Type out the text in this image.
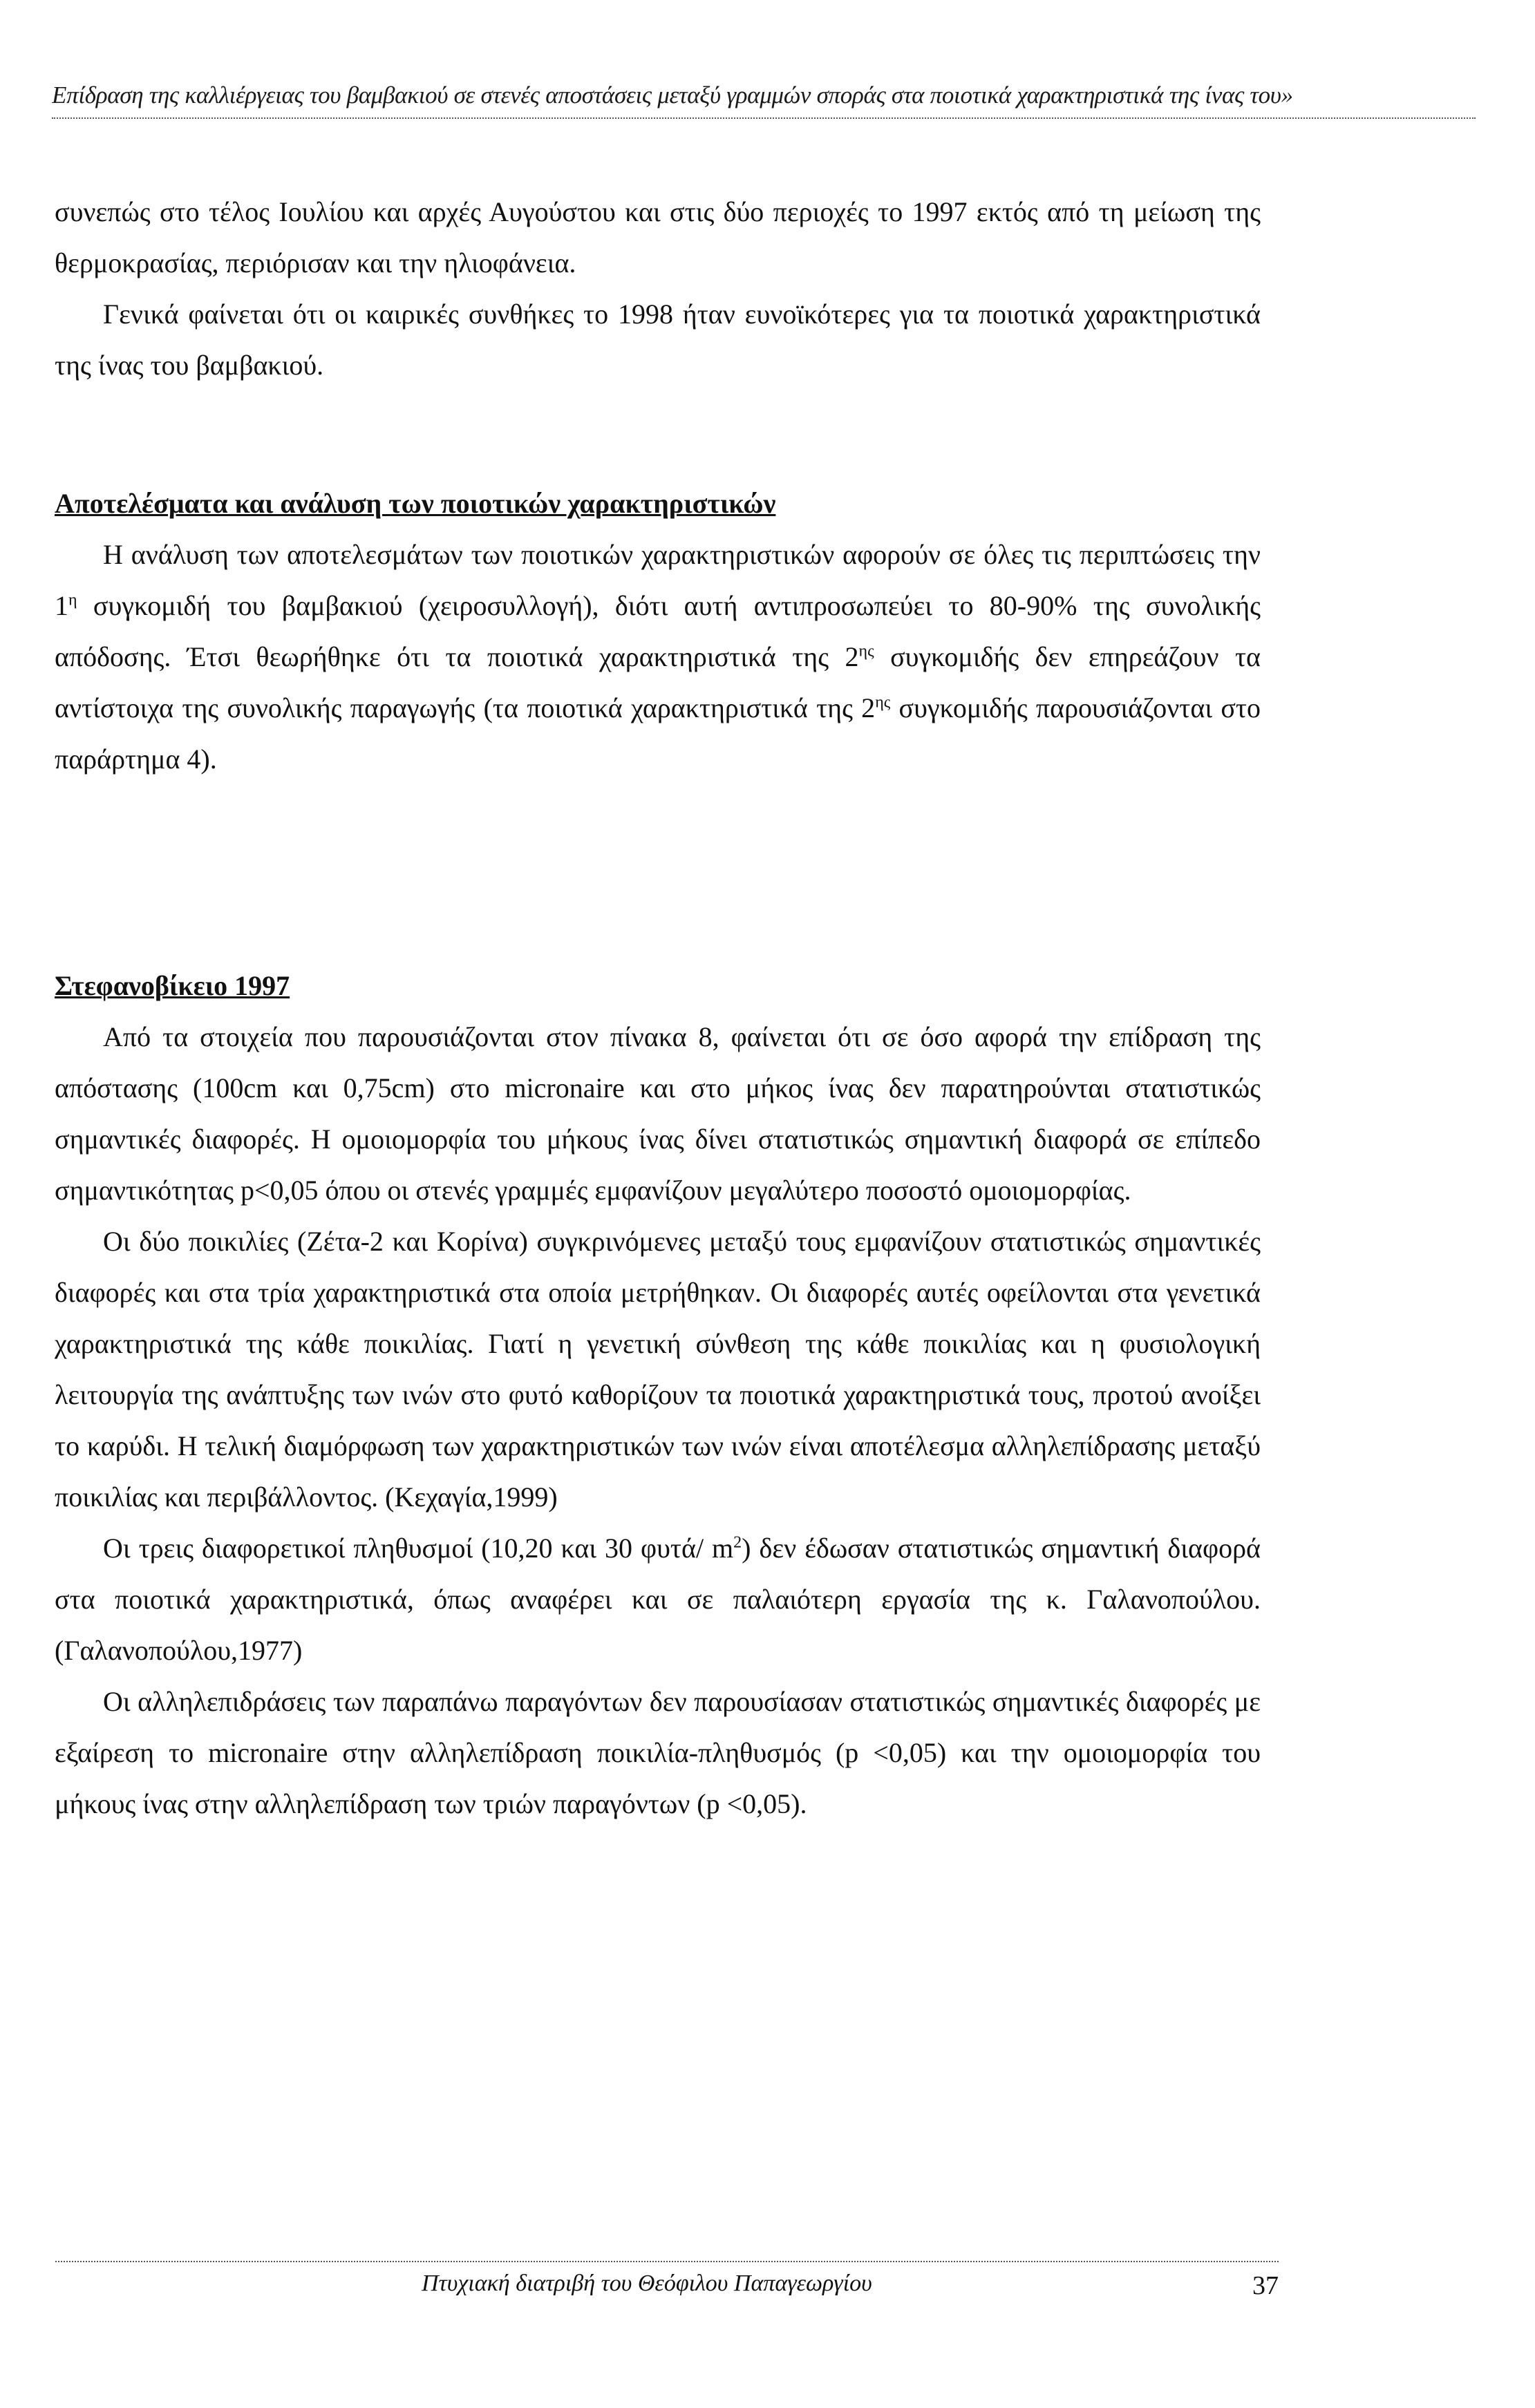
Επίδραση της καλλιέργειας του βαμβακιού σε στενές αποστάσεις μεταξύ γραμμών σποράς στα ποιοτικά χαρακτηριστικά της ίνας του»

συνεπώς στο τέλος Ιουλίου και αρχές Αυγούστου και στις δύο περιοχές το 1997 εκτός από τη μείωση της θερμοκρασίας, περιόρισαν και την ηλιοφάνεια.

Γενικά φαίνεται ότι οι καιρικές συνθήκες το 1998 ήταν ευνοϊκότερες για τα ποιοτικά χαρακτηριστικά της ίνας του βαμβακιού.

Αποτελέσματα και ανάλυση των ποιοτικών χαρακτηριστικών

Η ανάλυση των αποτελεσμάτων των ποιοτικών χαρακτηριστικών αφορούν σε όλες τις περιπτώσεις την $1^\eta$ συγκομιδή του βαμβακιού (χειροσυλλογή), διότι αυτή αντιπροσωπεύει το 80-90% της συνολικής απόδοσης. Έτσι θεωρήθηκε ότι τα ποιοτικά χαρακτηριστικά της $2^{\eta\varsigma}$ συγκομιδής δεν επηρεάζουν τα αντίστοιχα της συνολικής παραγωγής (τα ποιοτικά χαρακτηριστικά της $2^{\eta\varsigma}$ συγκομιδής παρουσιάζονται στο παράρτημα 4).

Στεφανοβίκειο 1997

Από τα στοιχεία που παρουσιάζονται στον πίνακα 8, φαίνεται ότι σε όσο αφορά την επίδραση της απόστασης (100cm και 0,75cm) στο micronaire και στο μήκος ίνας δεν παρατηρούνται στατιστικώς σημαντικές διαφορές. Η ομοιομορφία του μήκους ίνας δίνει στατιστικώς σημαντική διαφορά σε επίπεδο σημαντικότητας p<0,05 όπου οι στενές γραμμές εμφανίζουν μεγαλύτερο ποσοστό ομοιομορφίας.

Οι δύο ποικιλίες (Ζέτα-2 και Κορίνα) συγκρινόμενες μεταξύ τους εμφανίζουν στατιστικώς σημαντικές διαφορές και στα τρία χαρακτηριστικά στα οποία μετρήθηκαν. Οι διαφορές αυτές οφείλονται στα γενετικά χαρακτηριστικά της κάθε ποικιλίας. Γιατί η γενετική σύνθεση της κάθε ποικιλίας και η φυσιολογική λειτουργία της ανάπτυξης των ινών στο φυτό καθορίζουν τα ποιοτικά χαρακτηριστικά τους, προτού ανοίξει το καρύδι. Η τελική διαμόρφωση των χαρακτηριστικών των ινών είναι αποτέλεσμα αλληλεπίδρασης μεταξύ ποικιλίας και περιβάλλοντος. (Κεχαγία,1999)

Οι τρεις διαφορετικοί πληθυσμοί (10,20 και 30 φυτά/ $m^2$) δεν έδωσαν στατιστικώς σημαντική διαφορά στα ποιοτικά χαρακτηριστικά, όπως αναφέρει και σε παλαιότερη εργασία της κ. Γαλανοπούλου.(Γαλανοπούλου,1977)

Οι αλληλεπιδράσεις των παραπάνω παραγόντων δεν παρουσίασαν στατιστικώς σημαντικές διαφορές με εξαίρεση το micronaire στην αλληλεπίδραση ποικιλία-πληθυσμός (p <0,05) και την ομοιομορφία του μήκους ίνας στην αλληλεπίδραση των τριών παραγόντων (p <0,05).

Πτυχιακή διατριβή του Θεόφιλου Παπαγεωργίου	37
